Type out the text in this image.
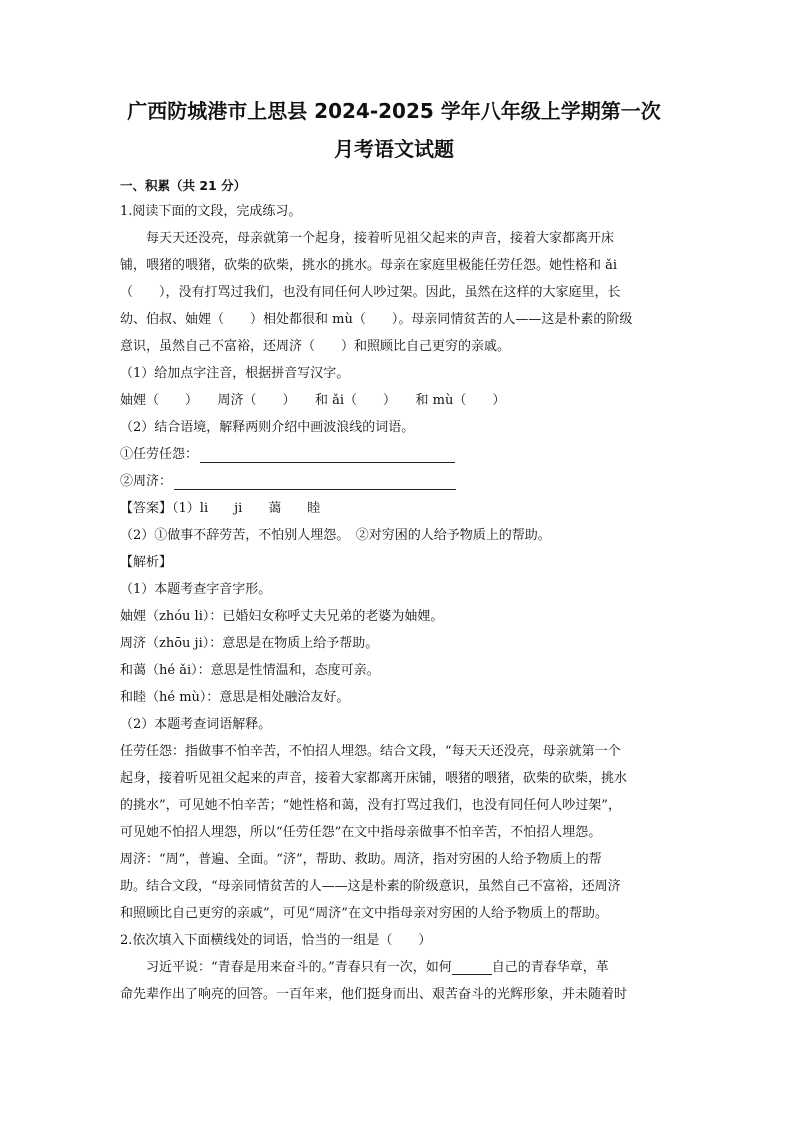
广西防城港市上思县 2024-2025 学年八年级上学期第一次
月考语文试题
一、积累（共 21 分）
1.阅读下面的文段，完成练习。
每天天还没亮，母亲就第一个起身，接着听见祖父起来的声音，接着大家都离开床
铺，喂猪的喂猪，砍柴的砍柴，挑水的挑水。母亲在家庭里极能任劳任怨。她性格和 ǎi
（　　），没有打骂过我们，也没有同任何人吵过架。因此，虽然在这样的大家庭里，长
幼、伯叔、妯娌（　　）相处都很和 mù（　　）。母亲同情贫苦的人——这是朴素的阶级
意识，虽然自己不富裕，还周济（　　）和照顾比自己更穷的亲戚。
（1）给加点字注音，根据拼音写汉字。
妯娌（　　）　　周济（　　）　　和 ǎi（　　）　　和 mù（　　）
（2）结合语境，解释两则介绍中画波浪线的词语。
①任劳任怨：
②周济：
【答案】（1）li　　ji　　蔼　　睦
（2）①做事不辞劳苦，不怕别人埋怨。　②对穷困的人给予物质上的帮助。
【解析】
（1）本题考查字音字形。
妯娌（zhóu li）：已婚妇女称呼丈夫兄弟的老婆为妯娌。
周济（zhōu ji）：意思是在物质上给予帮助。
和蔼（hé ǎi）：意思是性情温和，态度可亲。
和睦（hé mù）：意思是相处融洽友好。
（2）本题考查词语解释。
任劳任怨：指做事不怕辛苦，不怕招人埋怨。结合文段，“每天天还没亮，母亲就第一个
起身，接着听见祖父起来的声音，接着大家都离开床铺，喂猪的喂猪，砍柴的砍柴，挑水
的挑水”，可见她不怕辛苦；“她性格和蔼，没有打骂过我们，也没有同任何人吵过架”，
可见她不怕招人埋怨，所以“任劳任怨”在文中指母亲做事不怕辛苦，不怕招人埋怨。
周济：“周”，普遍、全面。“济”，帮助、救助。周济，指对穷困的人给予物质上的帮
助。结合文段，“母亲同情贫苦的人——这是朴素的阶级意识，虽然自己不富裕，还周济
和照顾比自己更穷的亲戚”，可见“周济”在文中指母亲对穷困的人给予物质上的帮助。
2.依次填入下面横线处的词语，恰当的一组是（　　）
习近平说：“青春是用来奋斗的。”青春只有一次，如何	自己的青春华章，革
命先辈作出了响亮的回答。一百年来，他们挺身而出、艰苦奋斗的光辉形象，并未随着时
